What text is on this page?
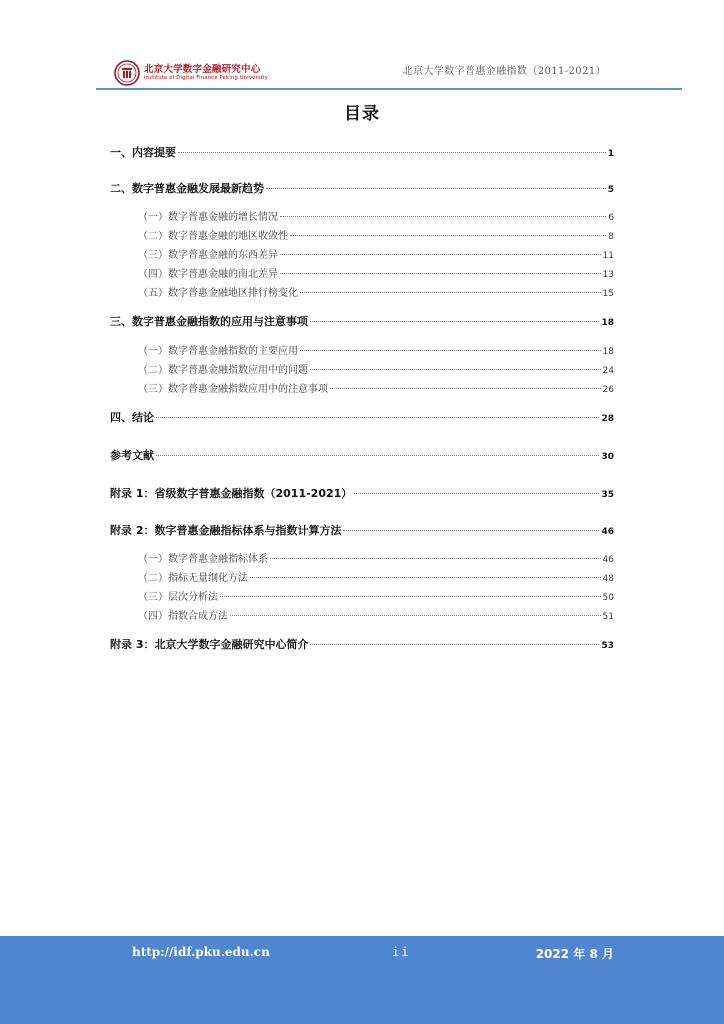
北京大学数字金融研究中心
Institute of Digital Finance Peking University
北京大学数字普惠金融指数（2011-2021）
目录
一、内容提要	1
二、数字普惠金融发展最新趋势	5
（一）数字普惠金融的增长情况	6
（二）数字普惠金融的地区收敛性	8
（三）数字普惠金融的东西差异	11
（四）数字普惠金融的南北差异	13
（五）数字普惠金融地区排行榜变化	15
三、数字普惠金融指数的应用与注意事项	18
（一）数字普惠金融指数的主要应用	18
（二）数字普惠金融指数应用中的问题	24
（三）数字普惠金融指数应用中的注意事项	26
四、结论	28
参考文献	30
附录 1：省级数字普惠金融指数（2011-2021）	35
附录 2：数字普惠金融指标体系与指数计算方法	46
（一）数字普惠金融指标体系	46
（二）指标无量纲化方法	48
（三）层次分析法	50
（四）指数合成方法	51
附录 3：北京大学数字金融研究中心简介	53
http://idf.pku.edu.cn	ii	2022 年 8 月
